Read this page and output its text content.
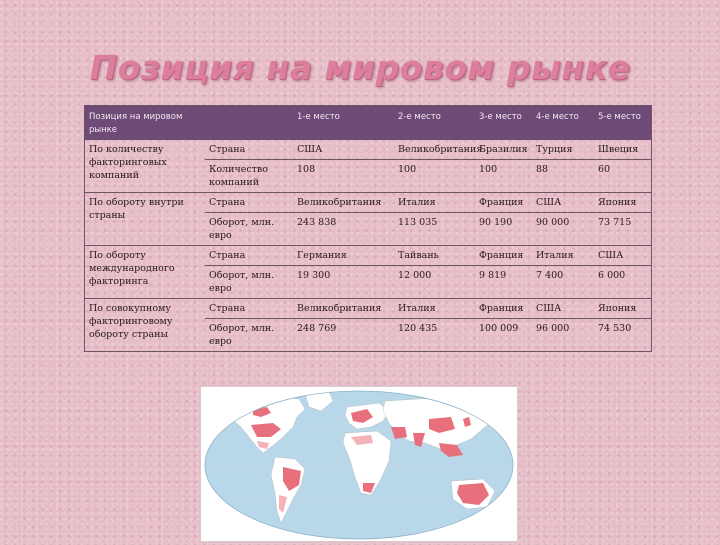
Позиция на мировом рынке
Позиция на мировом рынке		1-е место	2-е место	3-е место	4-е место	5-е место
По количеству факторинговых компаний	Страна	США	Великобритания	Бразилия	Турция	Швеция
	Количество компаний	108	100	100	88	60
По обороту внутри страны	Страна	Великобритания	Италия	Франция	США	Япония
	Оборот, млн. евро	243 838	113 035	90 190	90 000	73 715
По обороту международного факторинга	Страна	Германия	Тайвань	Франция	Италия	США
	Оборот, млн. евро	19 300	12 000	9 819	7 400	6 000
По совокупному факторинговому обороту страны	Страна	Великобритания	Италия	Франция	США	Япония
	Оборот, млн. евро	248 769	120 435	100 009	96 000	74 530
